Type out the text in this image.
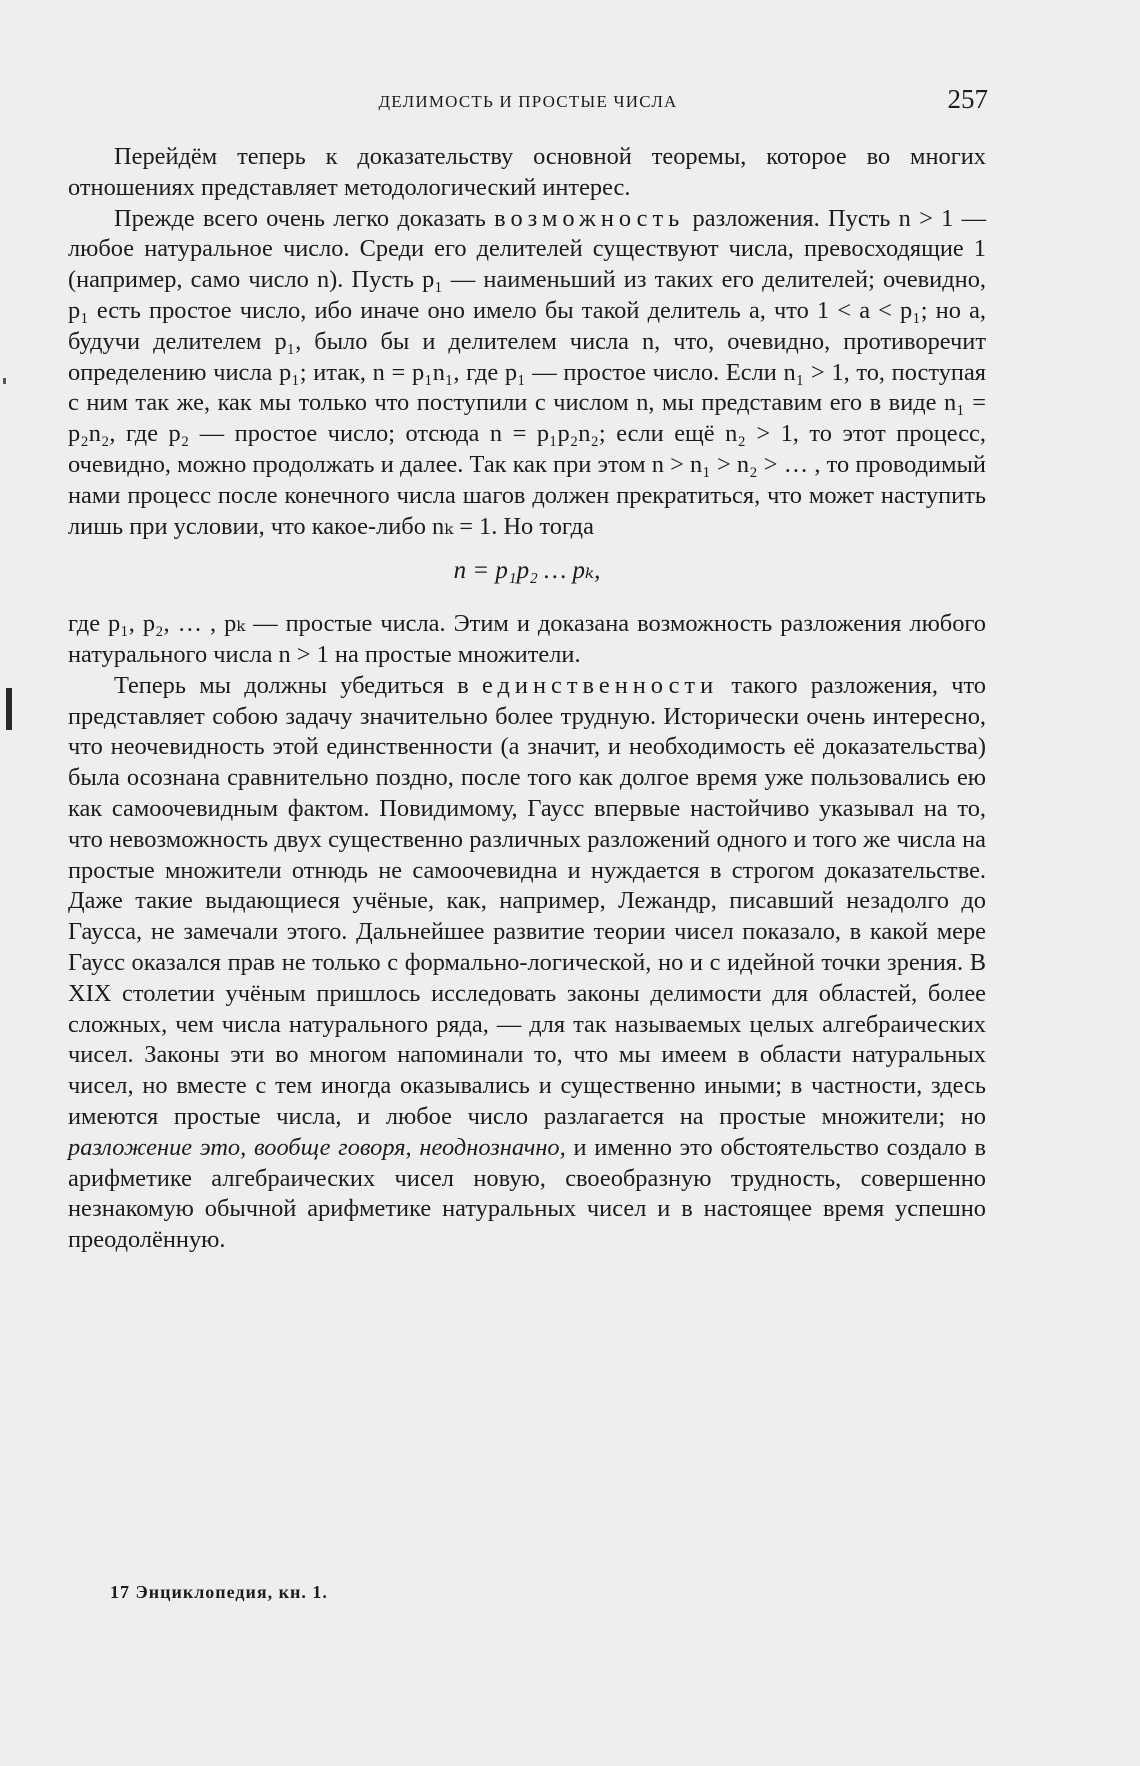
ДЕЛИМОСТЬ И ПРОСТЫЕ ЧИСЛА	257

Перейдём теперь к доказательству основной теоремы, которое во многих отношениях представляет методологический интерес.

Прежде всего очень легко доказать возможность разложения. Пусть n > 1 — любое натуральное число. Среди его делителей существуют числа, превосходящие 1 (например, само число n). Пусть p₁ — наименьший из таких его делителей; очевидно, p₁ есть простое число, ибо иначе оно имело бы такой делитель a, что 1 < a < p₁; но a, будучи делителем p₁, было бы и делителем числа n, что, очевидно, противоречит определению числа p₁; итак, n = p₁n₁, где p₁ — простое число. Если n₁ > 1, то, поступая с ним так же, как мы только что поступили с числом n, мы представим его в виде n₁ = p₂n₂, где p₂ — простое число; отсюда n = p₁p₂n₂; если ещё n₂ > 1, то этот процесс, очевидно, можно продолжать и далее. Так как при этом n > n₁ > n₂ > … , то проводимый нами процесс после конечного числа шагов должен прекратиться, что может наступить лишь при условии, что какое-либо nₖ = 1. Но тогда

n = p₁p₂ … pₖ,

где p₁, p₂, … , pₖ — простые числа. Этим и доказана возможность разложения любого натурального числа n > 1 на простые множители.

Теперь мы должны убедиться в единственности такого разложения, что представляет собою задачу значительно более трудную. Исторически очень интересно, что неочевидность этой единственности (а значит, и необходимость её доказательства) была осознана сравнительно поздно, после того как долгое время уже пользовались ею как самоочевидным фактом. Повидимому, Гаусс впервые настойчиво указывал на то, что невозможность двух существенно различных разложений одного и того же числа на простые множители отнюдь не самоочевидна и нуждается в строгом доказательстве. Даже такие выдающиеся учёные, как, например, Лежандр, писавший незадолго до Гаусса, не замечали этого. Дальнейшее развитие теории чисел показало, в какой мере Гаусс оказался прав не только с формально-логической, но и с идейной точки зрения. В XIX столетии учёным пришлось исследовать законы делимости для областей, более сложных, чем числа натурального ряда, — для так называемых целых алгебраических чисел. Законы эти во многом напоминали то, что мы имеем в области натуральных чисел, но вместе с тем иногда оказывались и существенно иными; в частности, здесь имеются простые числа, и любое число разлагается на простые множители; но разложение это, вообще говоря, неоднозначно, и именно это обстоятельство создало в арифметике алгебраических чисел новую, своеобразную трудность, совершенно незнакомую обычной арифметике натуральных чисел и в настоящее время успешно преодолённую.

17 Энциклопедия, кн. 1.
